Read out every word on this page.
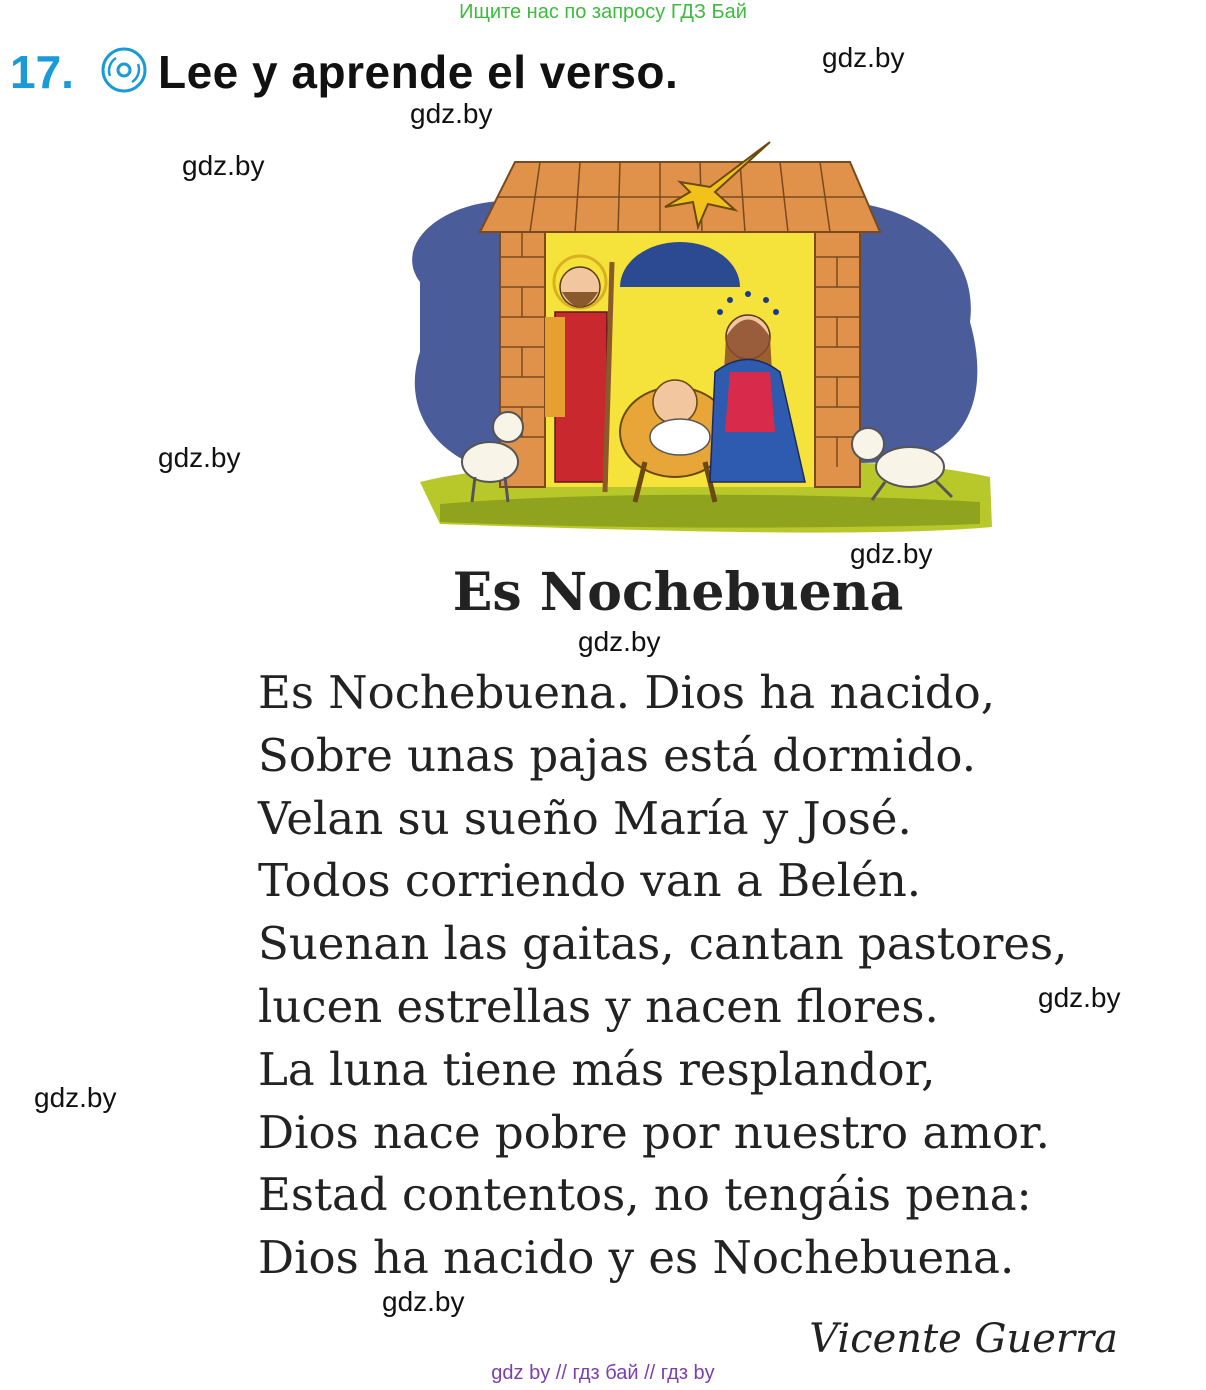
Ищите нас по запросу ГДЗ Бай
17. Lee y aprende el verso.	gdz.by
gdz.by
gdz.by
gdz.by
gdz.by
gdz.by
gdz.by
gdz.by
gdz.by
Es Nochebuena
Es Nochebuena. Dios ha nacido,
Sobre unas pajas está dormido.
Velan su sueño María y José.
Todos corriendo van a Belén.
Suenan las gaitas, cantan pastores,
lucen estrellas y nacen flores.
La luna tiene más resplandor,
Dios nace pobre por nuestro amor.
Estad contentos, no tengáis pena:
Dios ha nacido y es Nochebuena.
Vicente Guerra
gdz by // гдз бай // гдз by
